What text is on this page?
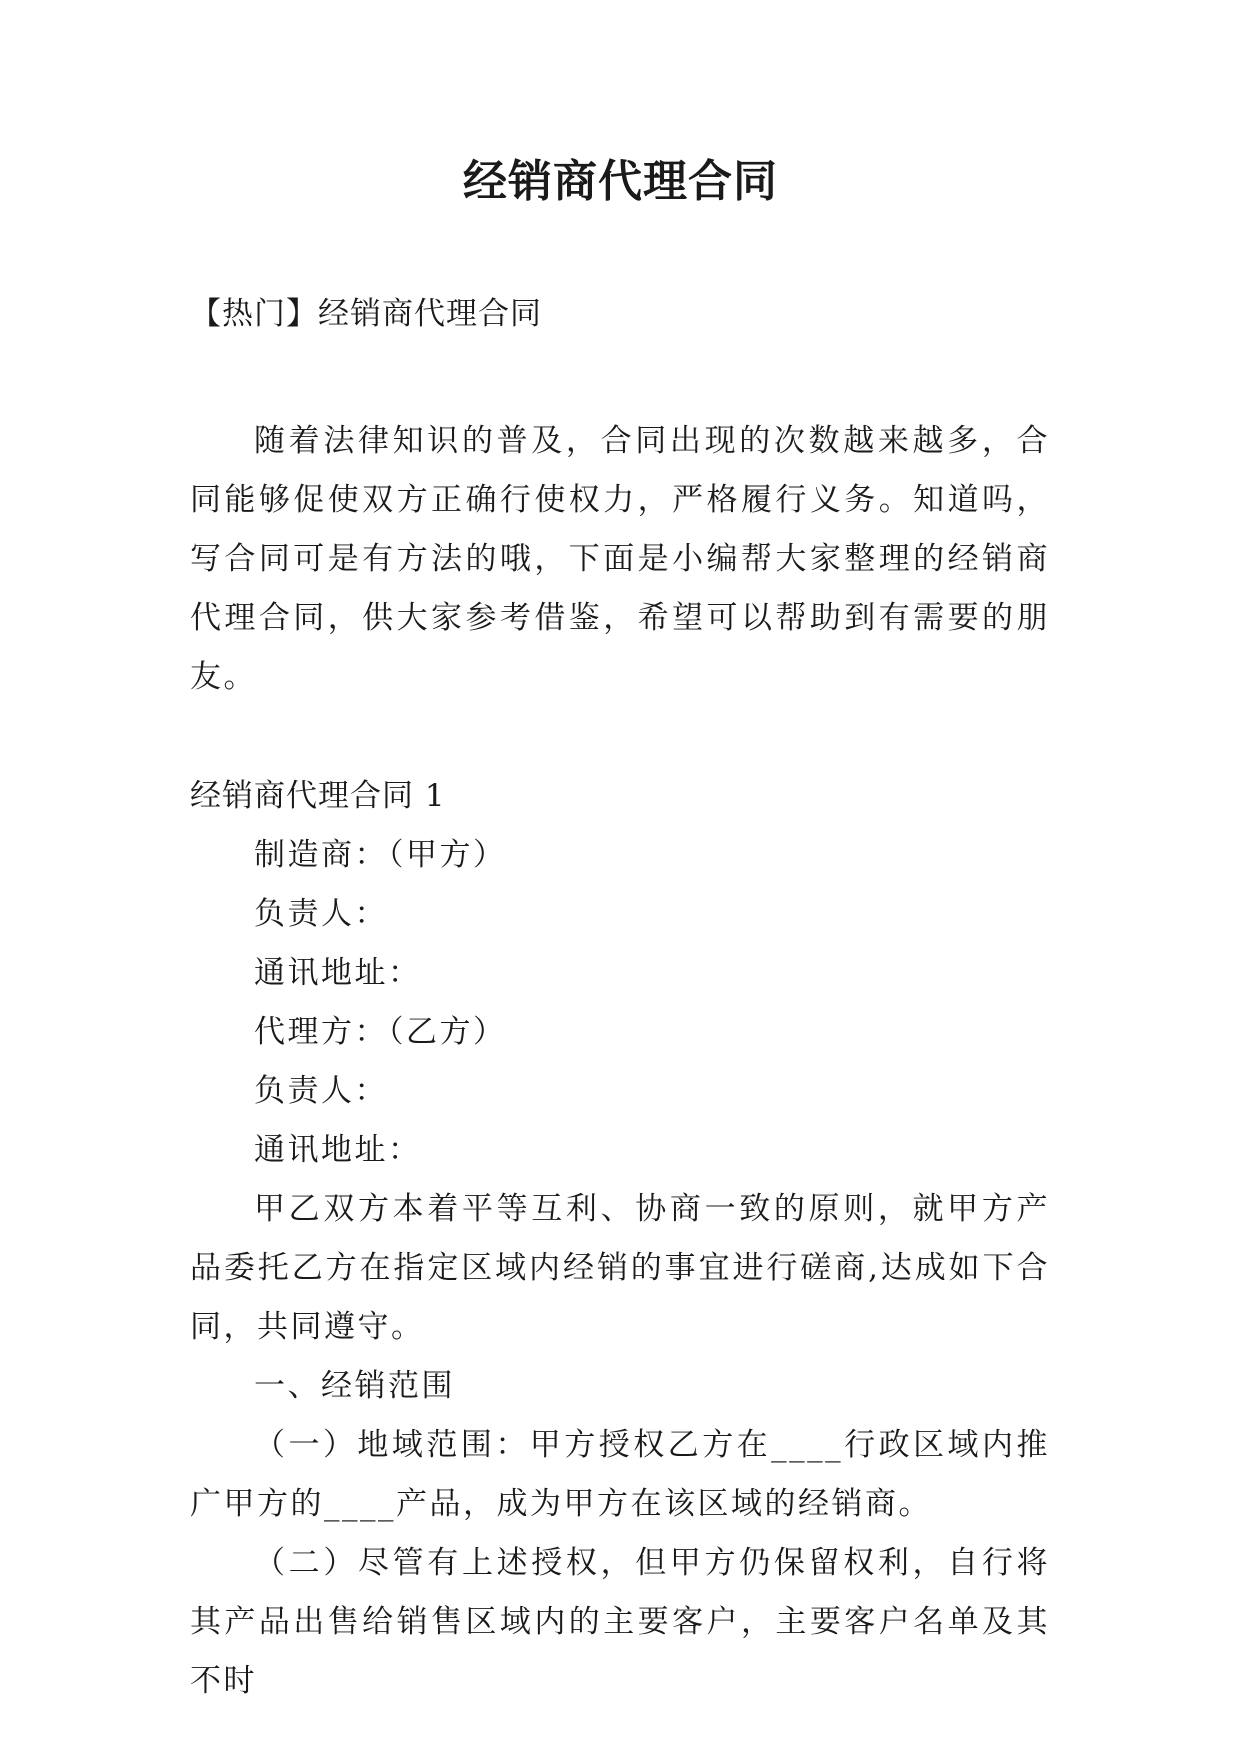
经销商代理合同
【热门】经销商代理合同

随着法律知识的普及，合同出现的次数越来越多，合同能够促使双方正确行使权力，严格履行义务。知道吗，写合同可是有方法的哦，下面是小编帮大家整理的经销商代理合同，供大家参考借鉴，希望可以帮助到有需要的朋友。

经销商代理合同 1

制造商：（甲方）

负责人：

通讯地址：

代理方：（乙方）

负责人：

通讯地址：

甲乙双方本着平等互利、协商一致的原则，就甲方产品委托乙方在指定区域内经销的事宜进行磋商,达成如下合同，共同遵守。

一、经销范围

（一）地域范围：甲方授权乙方在____行政区域内推广甲方的____产品，成为甲方在该区域的经销商。

（二）尽管有上述授权，但甲方仍保留权利，自行将其产品出售给销售区域内的主要客户，主要客户名单及其不时
